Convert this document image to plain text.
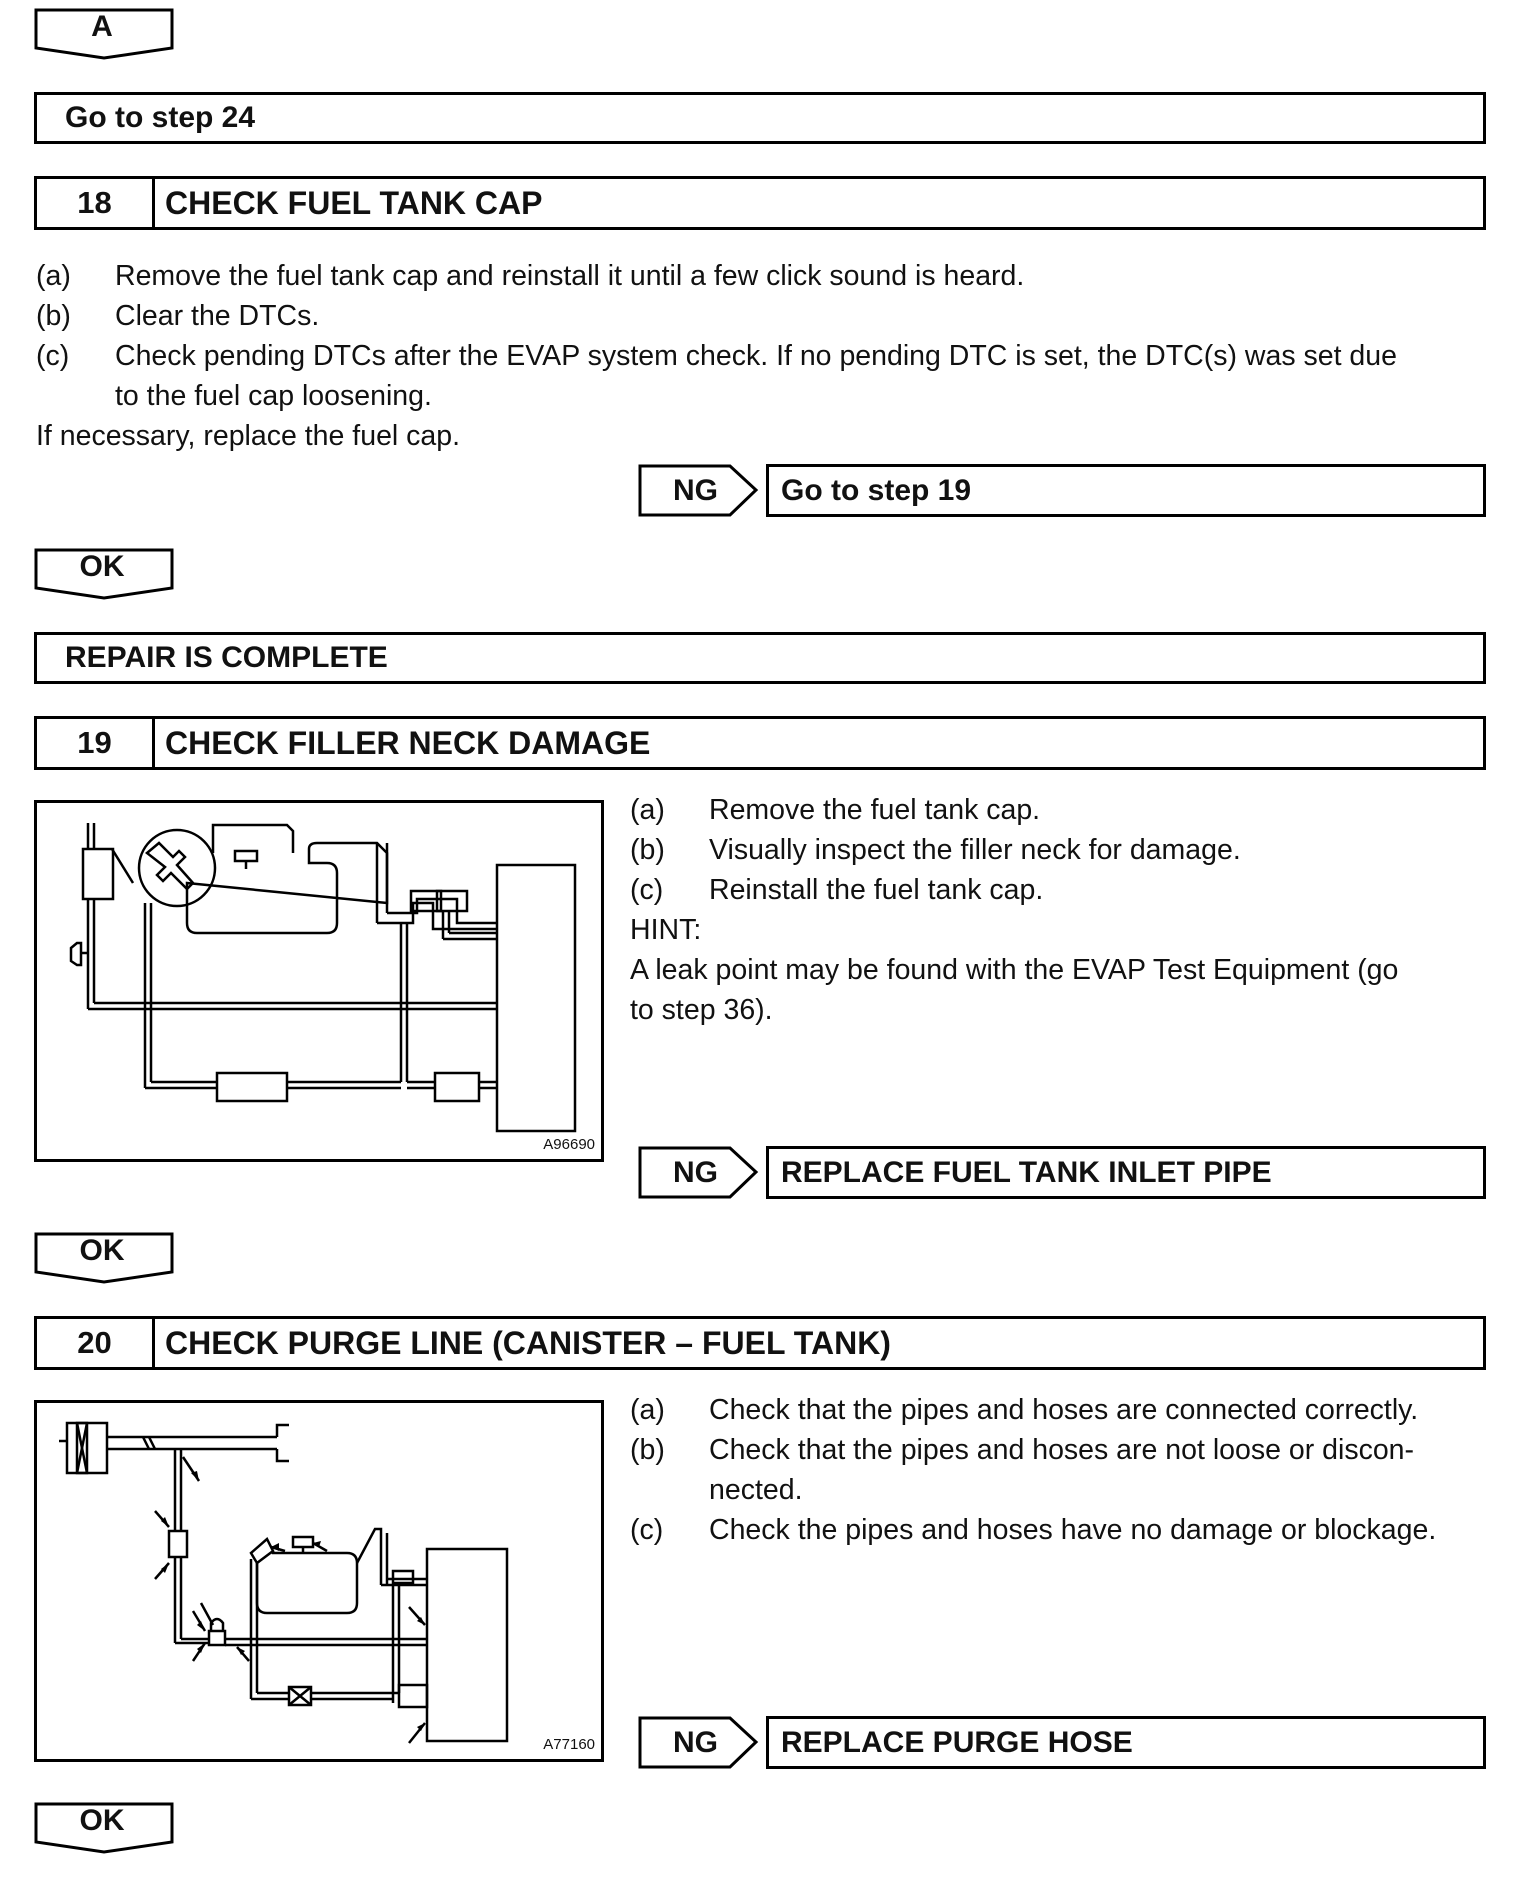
A
Go to step 24
18	CHECK FUEL TANK CAP
(a) Remove the fuel tank cap and reinstall it until a few click sound is heard.
(b) Clear the DTCs.
(c) Check pending DTCs after the EVAP system check. If no pending DTC is set, the DTC(s) was set due
to the fuel cap loosening.
If necessary, replace the fuel cap.
NG	Go to step 19
OK
REPAIR IS COMPLETE
19	CHECK FILLER NECK DAMAGE
A96690
(a) Remove the fuel tank cap.
(b) Visually inspect the filler neck for damage.
(c) Reinstall the fuel tank cap.
HINT:
A leak point may be found with the EVAP Test Equipment (go
to step 36).
NG	REPLACE FUEL TANK INLET PIPE
OK
20	CHECK PURGE LINE (CANISTER – FUEL TANK)
A77160
(a) Check that the pipes and hoses are connected correctly.
(b) Check that the pipes and hoses are not loose or discon-
nected.
(c) Check the pipes and hoses have no damage or blockage.
NG	REPLACE PURGE HOSE
OK
